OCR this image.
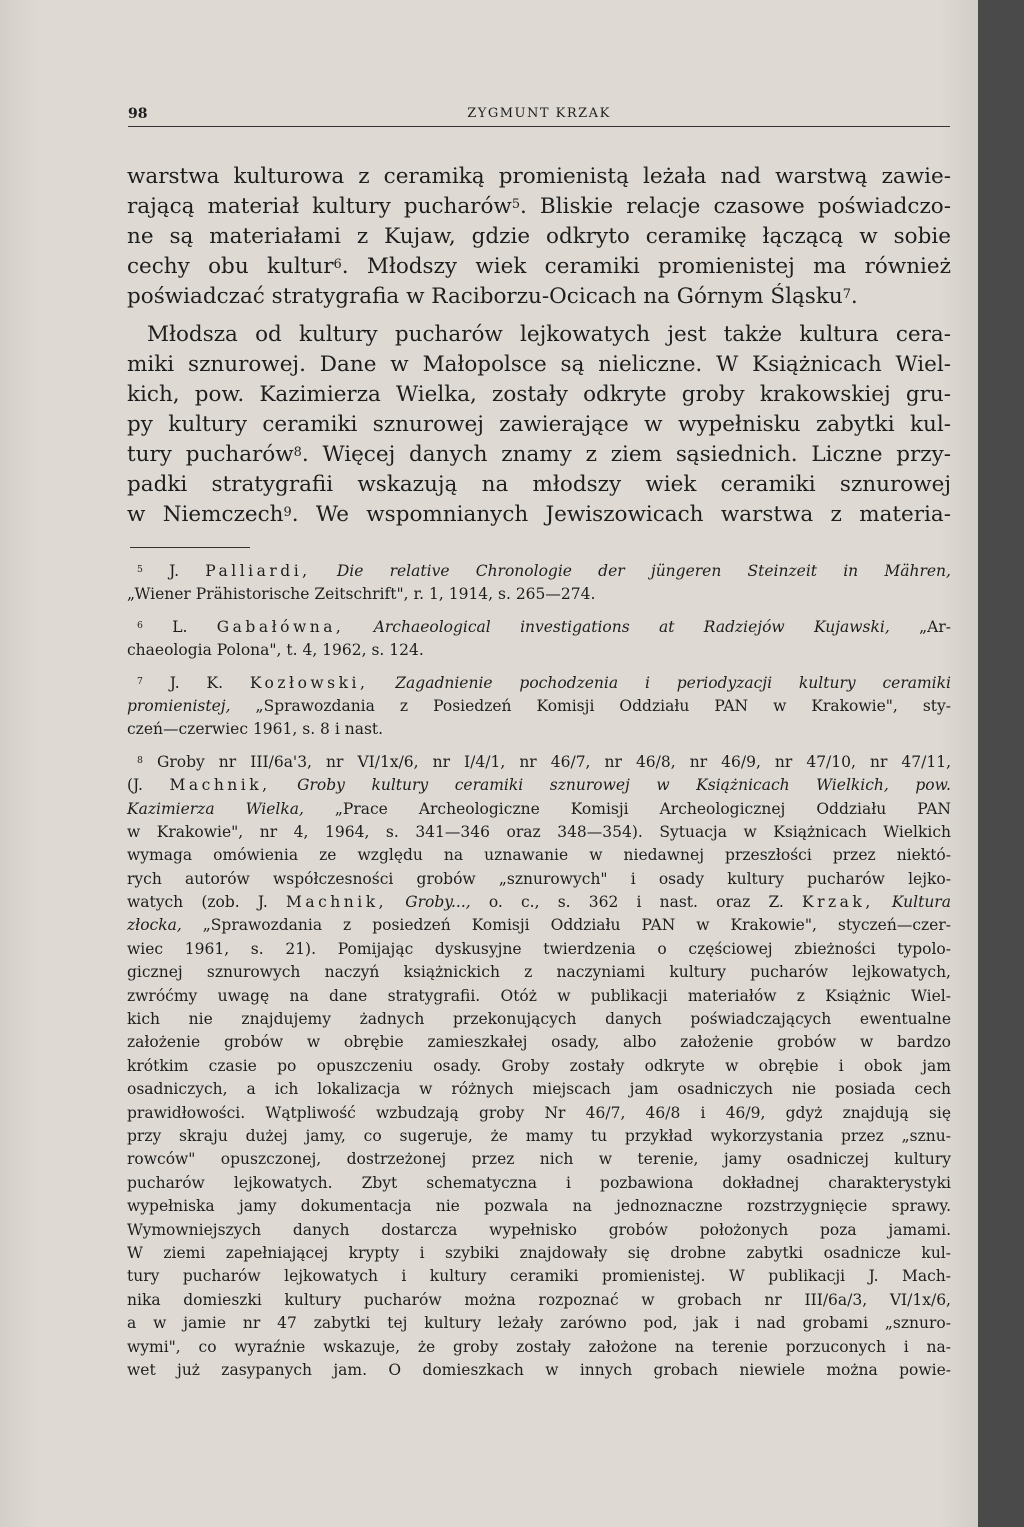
98	ZYGMUNT KRZAK
warstwa kulturowa z ceramiką promienistą leżała nad warstwą zawie-
rającą materiał kultury pucharów$^5$. Bliskie relacje czasowe poświadczo-
ne są materiałami z Kujaw, gdzie odkryto ceramikę łączącą w sobie
cechy obu kultur$^6$. Młodszy wiek ceramiki promienistej ma również
poświadczać stratygrafia w Raciborzu-Ocicach na Górnym Śląsku$^7$.
Młodsza od kultury pucharów lejkowatych jest także kultura cera-
miki sznurowej. Dane w Małopolsce są nieliczne. W Książnicach Wiel-
kich, pow. Kazimierza Wielka, zostały odkryte groby krakowskiej gru-
py kultury ceramiki sznurowej zawierające w wypełnisku zabytki kul-
tury pucharów$^8$. Więcej danych znamy z ziem sąsiednich. Liczne przy-
padki stratygrafii wskazują na młodszy wiek ceramiki sznurowej
w Niemczech$^9$. We wspomnianych Jewiszowicach warstwa z materia-
$^5$ J. Palliardi, Die relative Chronologie der jüngeren Steinzeit in Mähren,
„Wiener Prähistorische Zeitschrift", r. 1, 1914, s. 265—274.
$^6$ L. Gabałówna, Archaeological investigations at Radziejów Kujawski, „Ar-
chaeologia Polona", t. 4, 1962, s. 124.
$^7$ J. K. Kozłowski, Zagadnienie pochodzenia i periodyzacji kultury ceramiki
promienistej, „Sprawozdania z Posiedzeń Komisji Oddziału PAN w Krakowie", sty-
czeń—czerwiec 1961, s. 8 i nast.
$^8$ Groby nr III/6a'3, nr VI/1x/6, nr I/4/1, nr 46/7, nr 46/8, nr 46/9, nr 47/10, nr 47/11,
(J. Machnik, Groby kultury ceramiki sznurowej w Książnicach Wielkich, pow.
Kazimierza Wielka, „Prace Archeologiczne Komisji Archeologicznej Oddziału PAN
w Krakowie", nr 4, 1964, s. 341—346 oraz 348—354). Sytuacja w Książnicach Wielkich
wymaga omówienia ze względu na uznawanie w niedawnej przeszłości przez niektó-
rych autorów współczesności grobów „sznurowych" i osady kultury pucharów lejko-
watych (zob. J. Machnik, Groby..., o. c., s. 362 i nast. oraz Z. Krzak, Kultura
złocka, „Sprawozdania z posiedzeń Komisji Oddziału PAN w Krakowie", styczeń—czer-
wiec 1961, s. 21). Pomijając dyskusyjne twierdzenia o częściowej zbieżności typolo-
gicznej sznurowych naczyń książnickich z naczyniami kultury pucharów lejkowatych,
zwróćmy uwagę na dane stratygrafii. Otóż w publikacji materiałów z Książnic Wiel-
kich nie znajdujemy żadnych przekonujących danych poświadczających ewentualne
założenie grobów w obrębie zamieszkałej osady, albo założenie grobów w bardzo
krótkim czasie po opuszczeniu osady. Groby zostały odkryte w obrębie i obok jam
osadniczych, a ich lokalizacja w różnych miejscach jam osadniczych nie posiada cech
prawidłowości. Wątpliwość wzbudzają groby Nr 46/7, 46/8 i 46/9, gdyż znajdują się
przy skraju dużej jamy, co sugeruje, że mamy tu przykład wykorzystania przez „sznu-
rowców" opuszczonej, dostrzeżonej przez nich w terenie, jamy osadniczej kultury
pucharów lejkowatych. Zbyt schematyczna i pozbawiona dokładnej charakterystyki
wypełniska jamy dokumentacja nie pozwala na jednoznaczne rozstrzygnięcie sprawy.
Wymowniejszych danych dostarcza wypełnisko grobów położonych poza jamami.
W ziemi zapełniającej krypty i szybiki znajdowały się drobne zabytki osadnicze kul-
tury pucharów lejkowatych i kultury ceramiki promienistej. W publikacji J. Mach-
nika domieszki kultury pucharów można rozpoznać w grobach nr III/6a/3, VI/1x/6,
a w jamie nr 47 zabytki tej kultury leżały zarówno pod, jak i nad grobami „sznuro-
wymi", co wyraźnie wskazuje, że groby zostały założone na terenie porzuconych i na-
wet już zasypanych jam. O domieszkach w innych grobach niewiele można powie-
